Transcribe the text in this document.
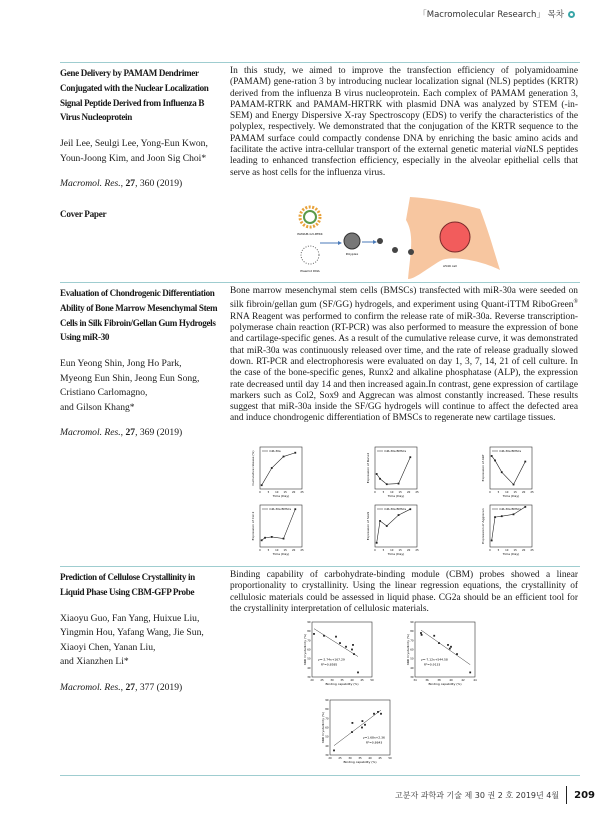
「Macromolecular Research」 목차
Gene Delivery by PAMAM Dendrimer Conjugated with the Nuclear Localization Signal Peptide Derived from Influenza B Virus Nucleoprotein
Jeil Lee, Seulgi Lee, Yong-Eun Kwon, Youn-Joong Kim, and Joon Sig Choi*
Macromol. Res., 27, 360 (2019)
Cover Paper
In this study, we aimed to improve the transfection efficiency of polyamidoamine (PAMAM) gene-ration 3 by introducing nuclear localization signal (NLS) peptides (KRTR) derived from the influenza B virus nucleoprotein. Each complex of PAMAM generation 3, PAMAM-RTRK and PAMAM-HRTRK with plasmid DNA was analyzed by STEM (-in-SEM) and Energy Dispersive X-ray Spectroscopy (EDS) to verify the characteristics of the polyplex, respectively. We demonstrated that the conjugation of the KRTR sequence to the PAMAM surface could compactly condense DNA by enriching the basic amino acids and facilitate the active intra-cellular transport of the external genetic material viaNLS peptides leading to enhanced transfection efficiency, especially in the alveolar epithelial cells that serve as host cells for the influenza virus.
PAMAM-G3-RTRK
Plasmid DNA
Polyplex
A549 cell
Evaluation of Chondrogenic Differentiation Ability of Bone Marrow Mesenchymal Stem Cells in Silk Fibroin/Gellan Gum Hydrogels Using miR-30
Eun Yeong Shin, Jong Ho Park,
Myeong Eun Shin, Jeong Eun Song,
Cristiano Carlomagno,
and Gilson Khang*
Macromol. Res., 27, 369 (2019)
Bone marrow mesenchymal stem cells (BMSCs) transfected with miR-30a were seeded on silk fibroin/gellan gum (SF/GG) hydrogels, and experiment using Quant-iTTM RiboGreen® RNA Reagent was performed to confirm the release rate of miR-30a. Reverse transcription-polymerase chain reaction (RT-PCR) was also performed to measure the expression of bone and cartilage-specific genes. As a result of the cumulative release curve, it was demonstrated that miR-30a was continuously released over time, and the rate of release gradually slowed down. RT-PCR and electrophoresis were evaluated on day 1, 3, 7, 14, 21 of cell culture. In the case of the bone-specific genes, Runx2 and alkaline phosphatase (ALP), the expression rate decreased until day 14 and then increased again.In contrast, gene expression of cartilage markers such as Col2, Sox9 and Aggrecan was almost constantly increased. These results suggest that miR-30a inside the SF/GG hydrogels will continue to affect the defected area and induce chondrogenic differentiation of BMSCs to regenerate new cartilage tissues.
0	5 10 15 20 25
Time (Day)
Cumulative release (%)	miR-30a
0	5 10 15 20 25
Time (Day)
Expression of Runx2
miR-30a BMSCs
0	5 10 15 20 25
Time (Day)
Expression of ALP
miR-30a BMSCs
0	5 10 15 20 25
Time (Day)
Expression of Col 2
miR-30a BMSCs
0	5 10 15 20 25
Time (Day)
Expression of Sox9
miR-30a BMSCs
0	5 10 15 20 25
Time (Day)
Expression of Aggrecan	miR-30a BMSCs
Prediction of Cellulose Crystallinity in
Liquid Phase Using CBM-GFP Probe
Xiaoyu Guo, Fan Yang, Huixue Liu,
Yingmin Hou, Yafang Wang, Jie Sun,
Xiaoyi Chen, Yanan Liu,
and Xianzhen Li*
Macromol. Res., 27, 377 (2019)
Binding capability of carbohydrate-binding module (CBM) probes showed a linear proportionality to crystallinity. Using the linear regression equations, the crystallinity of cellulosic materials could be assessed in liquid phase. CG2a should be an efficient tool for the crystallinity interpretation of cellulosic materials.
20	25	30	35	40	45	50
30
40
50
60
70
80
90
Binding capability (%)
XRD Crystallinity (%)	y=-2.74x+167.29
R²=0.8585
34	36	38	40	42	44
30
40
50
60
70
80
90
Binding capability (%)
XRD Crystallinity (%)	y=-7.12x+544.58
R²=0.9133
20	25	30	35	40	45	50
30
40
50
60
70
80
90
Binding capability (%)
XRD Crystallinity (%)	y=1.68x+2.36
R²=0.8643
고분자 과학과 기술 제 30 권 2 호 2019년 4월 209
